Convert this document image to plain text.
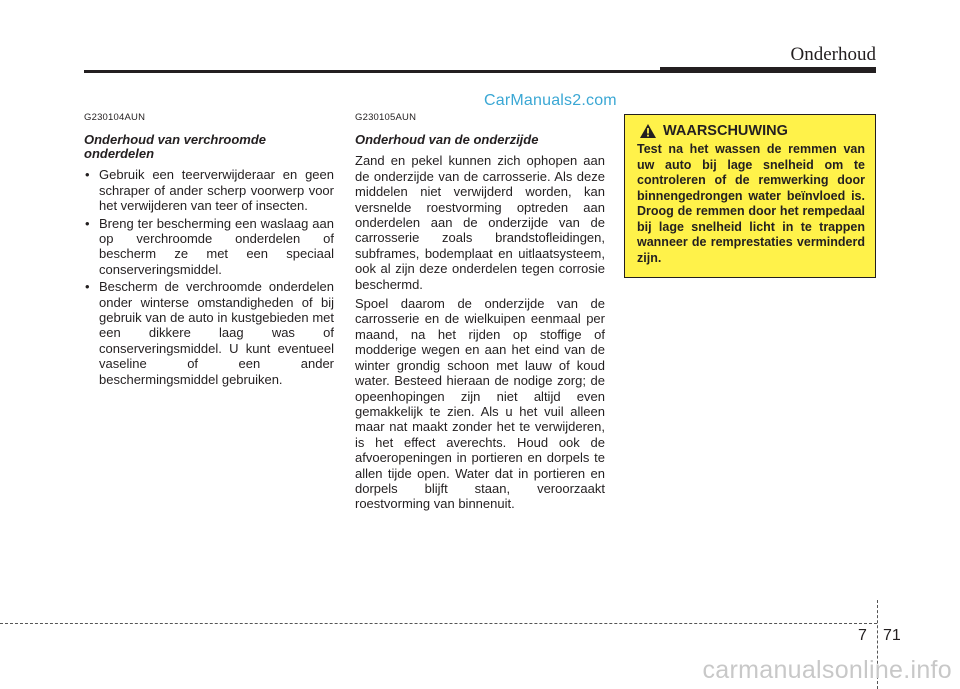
Onderhoud
CarManuals2.com
G230104AUN
Onderhoud van verchroomde onderdelen
• Gebruik een teerverwijderaar en geen schraper of ander scherp voorwerp voor het verwijderen van teer of insecten.
• Breng ter bescherming een waslaag aan op verchroomde onderdelen of bescherm ze met een speciaal conserveringsmiddel.
• Bescherm de verchroomde onderdelen onder winterse omstandigheden of bij gebruik van de auto in kustgebieden met een dikkere laag was of conserveringsmiddel. U kunt eventueel vaseline of een ander beschermingsmiddel gebruiken.
G230105AUN
Onderhoud van de onderzijde

Zand en pekel kunnen zich ophopen aan de onderzijde van de carrosserie. Als deze middelen niet verwijderd worden, kan versnelde roestvorming optreden aan onderdelen aan de onderzijde van de carrosserie zoals brandstofleidingen, subframes, bodemplaat en uitlaatsysteem, ook al zijn deze onderdelen tegen corrosie beschermd.

Spoel daarom de onderzijde van de carrosserie en de wielkuipen eenmaal per maand, na het rijden op stoffige of modderige wegen en aan het eind van de winter grondig schoon met lauw of koud water. Besteed hieraan de nodige zorg; de opeenhopingen zijn niet altijd even gemakkelijk te zien. Als u het vuil alleen maar nat maakt zonder het te verwijderen, is het effect averechts. Houd ook de afvoeropeningen in portieren en dorpels te allen tijde open. Water dat in portieren en dorpels blijft staan, veroorzaakt roestvorming van binnenuit.

WAARSCHUWING
Test na het wassen de remmen van uw auto bij lage snelheid om te controleren of de remwerking door binnengedrongen water beïnvloed is. Droog de remmen door het rempedaal bij lage snelheid licht in te trappen wanneer de remprestaties verminderd zijn.
7 71
carmanualsonline.info
